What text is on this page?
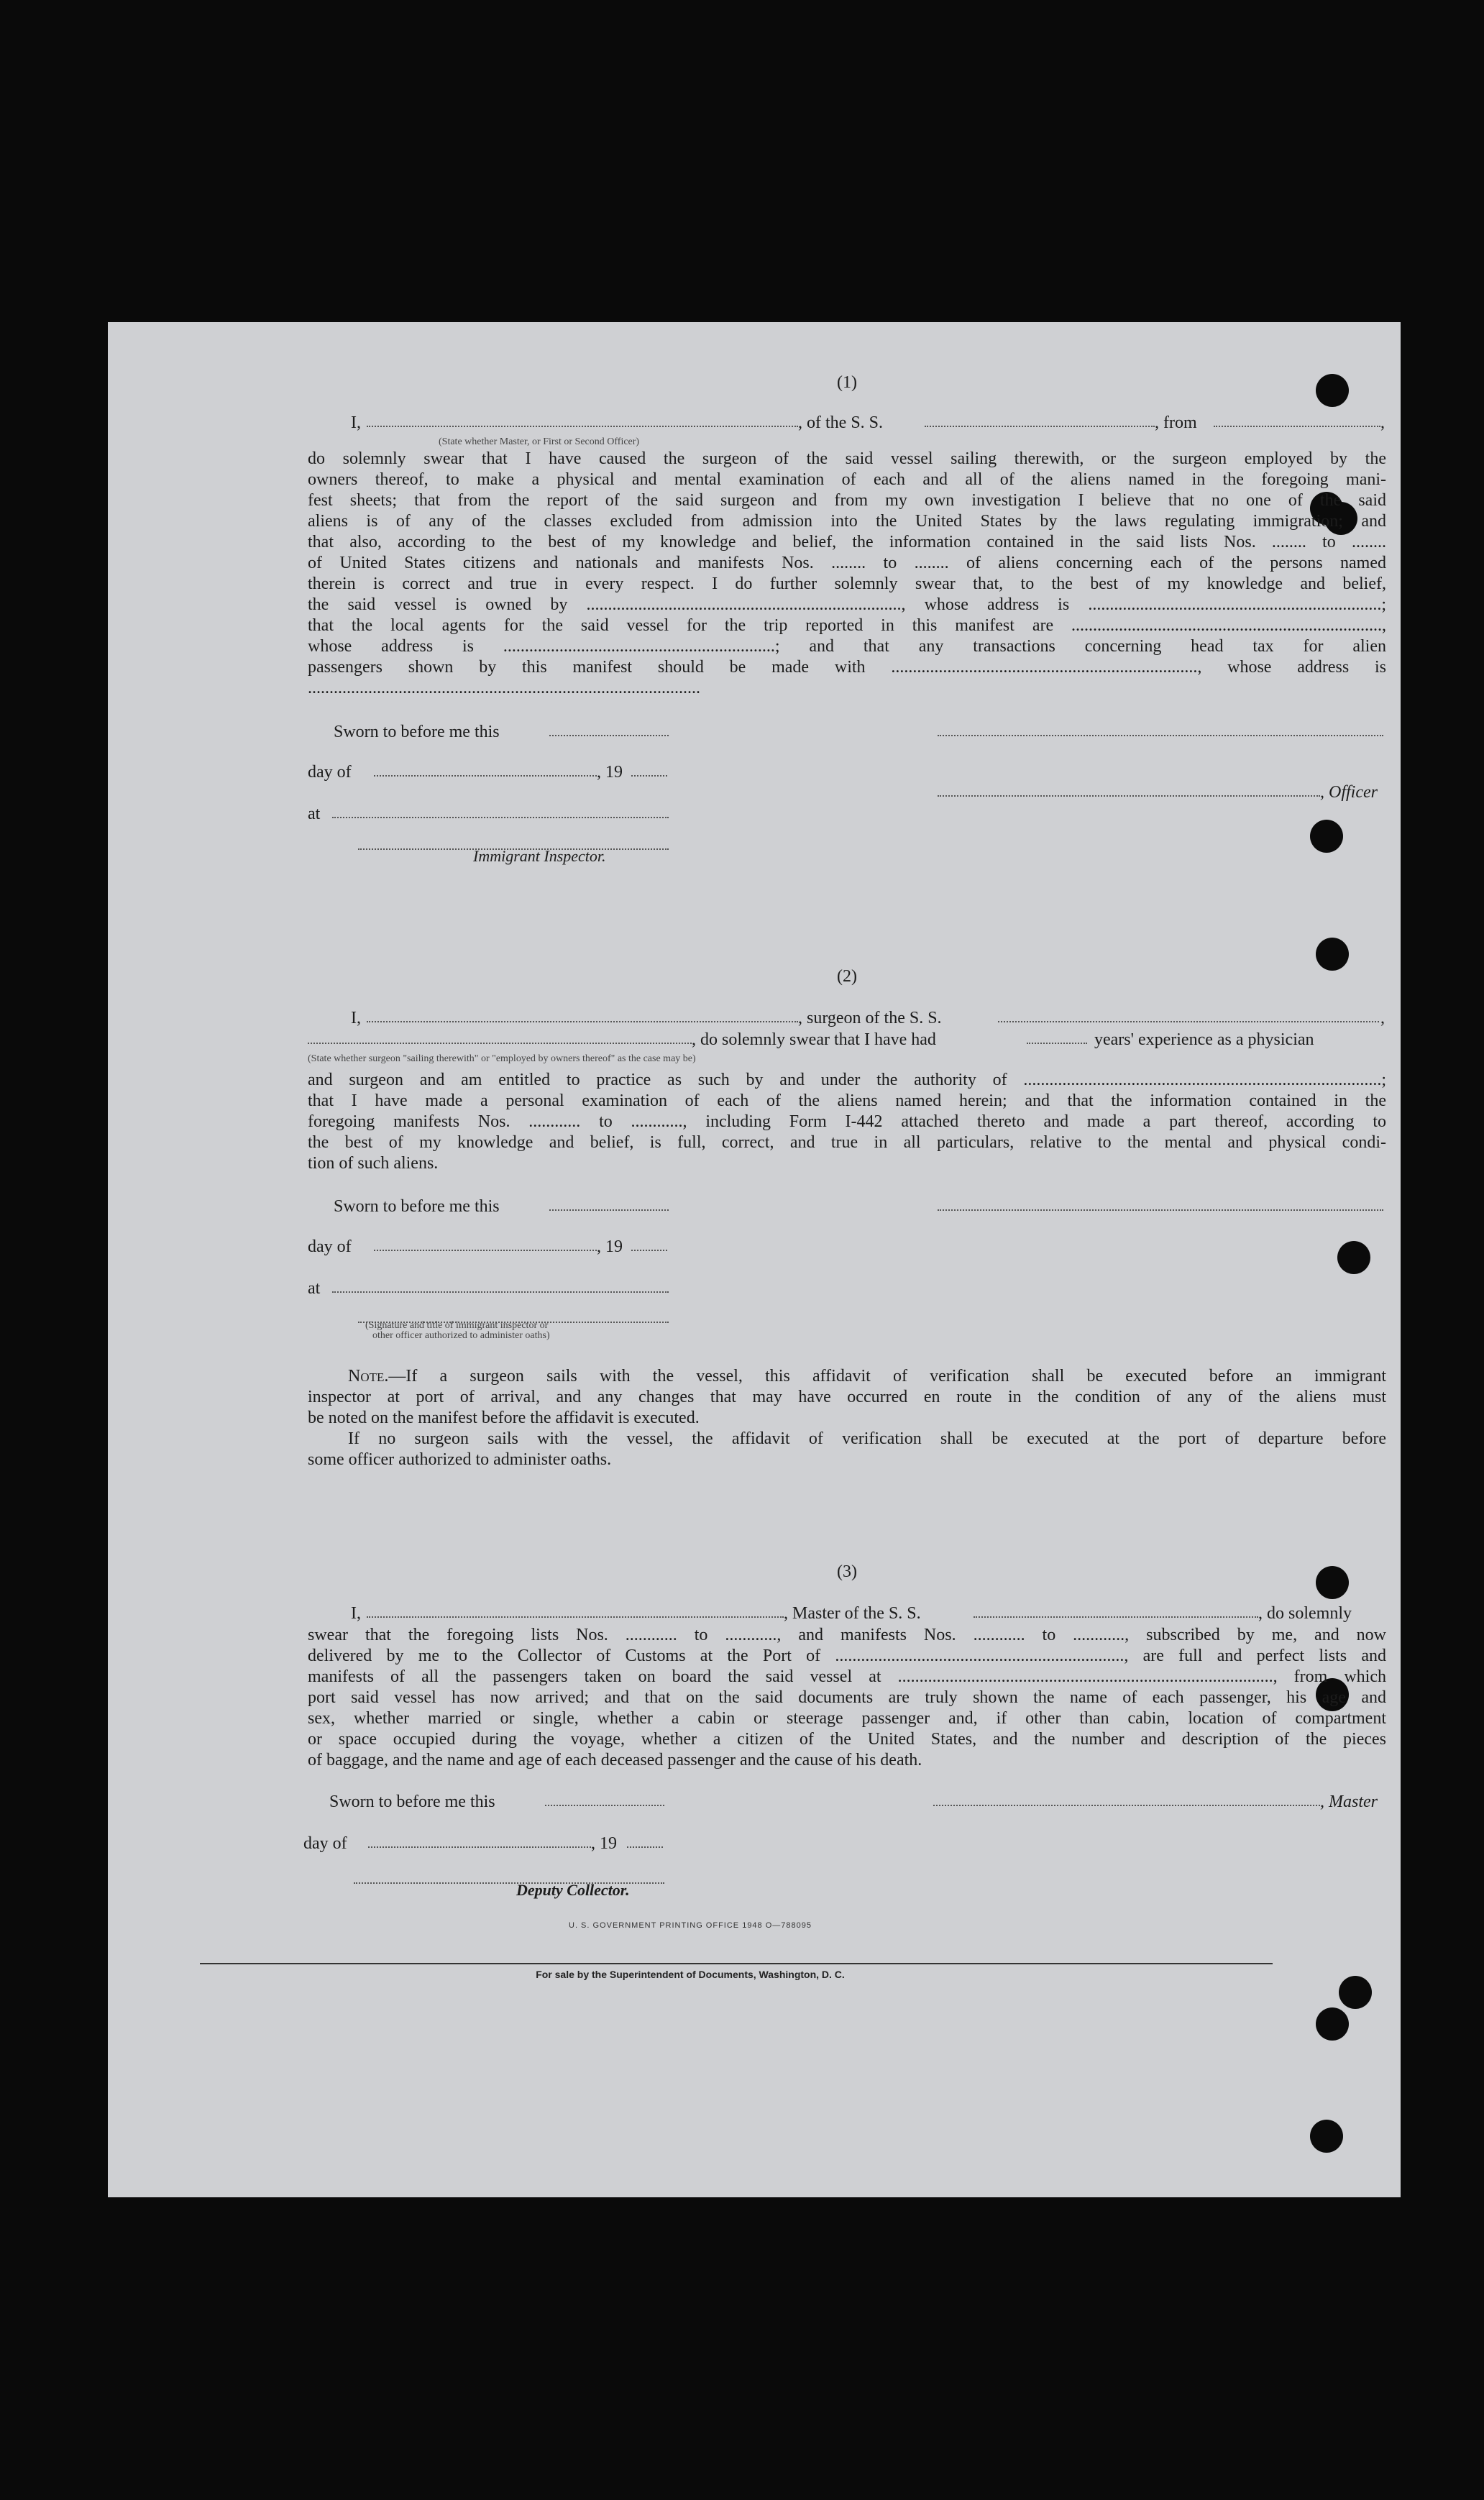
(1)
I,	, of the S. S.	, from	,
(State whether Master, or First or Second Officer)
do solemnly swear that I have caused the surgeon of the said vessel sailing therewith, or the surgeon employed by the
owners thereof, to make a physical and mental examination of each and all of the aliens named in the foregoing mani-
fest sheets; that from the report of the said surgeon and from my own investigation I believe that no one of the said
aliens is of any of the classes excluded from admission into the United States by the laws regulating immigration; and
that also, according to the best of my knowledge and belief, the information contained in the said lists Nos. ........ to ........
of United States citizens and nationals and manifests Nos. ........ to ........ of aliens concerning each of the persons named
therein is correct and true in every respect. I do further solemnly swear that, to the best of my knowledge and belief,
the said vessel is owned by ........................................................................., whose address is ....................................................................;
that the local agents for the said vessel for the trip reported in this manifest are ........................................................................,
whose address is ...............................................................; and that any transactions concerning head tax for alien
passengers shown by this manifest should be made with ......................................................................., whose address is
...........................................................................................
Sworn to before me this
day of	, 19
, Officer
at
Immigrant Inspector.
(2)
I,	, surgeon of the S. S.	,
, do solemnly swear that I have had	years' experience as a physician
(State whether surgeon "sailing therewith" or "employed by owners thereof" as the case may be)
and surgeon and am entitled to practice as such by and under the authority of ...................................................................................;
that I have made a personal examination of each of the aliens named herein; and that the information contained in the
foregoing manifests Nos. ............ to ............, including Form I-442 attached thereto and made a part thereof, according to
the best of my knowledge and belief, is full, correct, and true in all particulars, relative to the mental and physical condi-
tion of such aliens.
Sworn to before me this
day of	, 19
at
(Signature and title of immigrant inspector or
other officer authorized to administer oaths)
Note.—If a surgeon sails with the vessel, this affidavit of verification shall be executed before an immigrant
inspector at port of arrival, and any changes that may have occurred en route in the condition of any of the aliens must
be noted on the manifest before the affidavit is executed.
If no surgeon sails with the vessel, the affidavit of verification shall be executed at the port of departure before
some officer authorized to administer oaths.
(3)
I,	, Master of the S. S.	, do solemnly
swear that the foregoing lists Nos. ............ to ............, and manifests Nos. ............ to ............, subscribed by me, and now
delivered by me to the Collector of Customs at the Port of ..................................................................., are full and perfect lists and
manifests of all the passengers taken on board the said vessel at ......................................................................................., from which
port said vessel has now arrived; and that on the said documents are truly shown the name of each passenger, his age and
sex, whether married or single, whether a cabin or steerage passenger and, if other than cabin, location of compartment
or space occupied during the voyage, whether a citizen of the United States, and the number and description of the pieces
of baggage, and the name and age of each deceased passenger and the cause of his death.
Sworn to before me this	, Master
day of	, 19
Deputy Collector.
U. S. GOVERNMENT PRINTING OFFICE 1948 O—788095
For sale by the Superintendent of Documents, Washington, D. C.
